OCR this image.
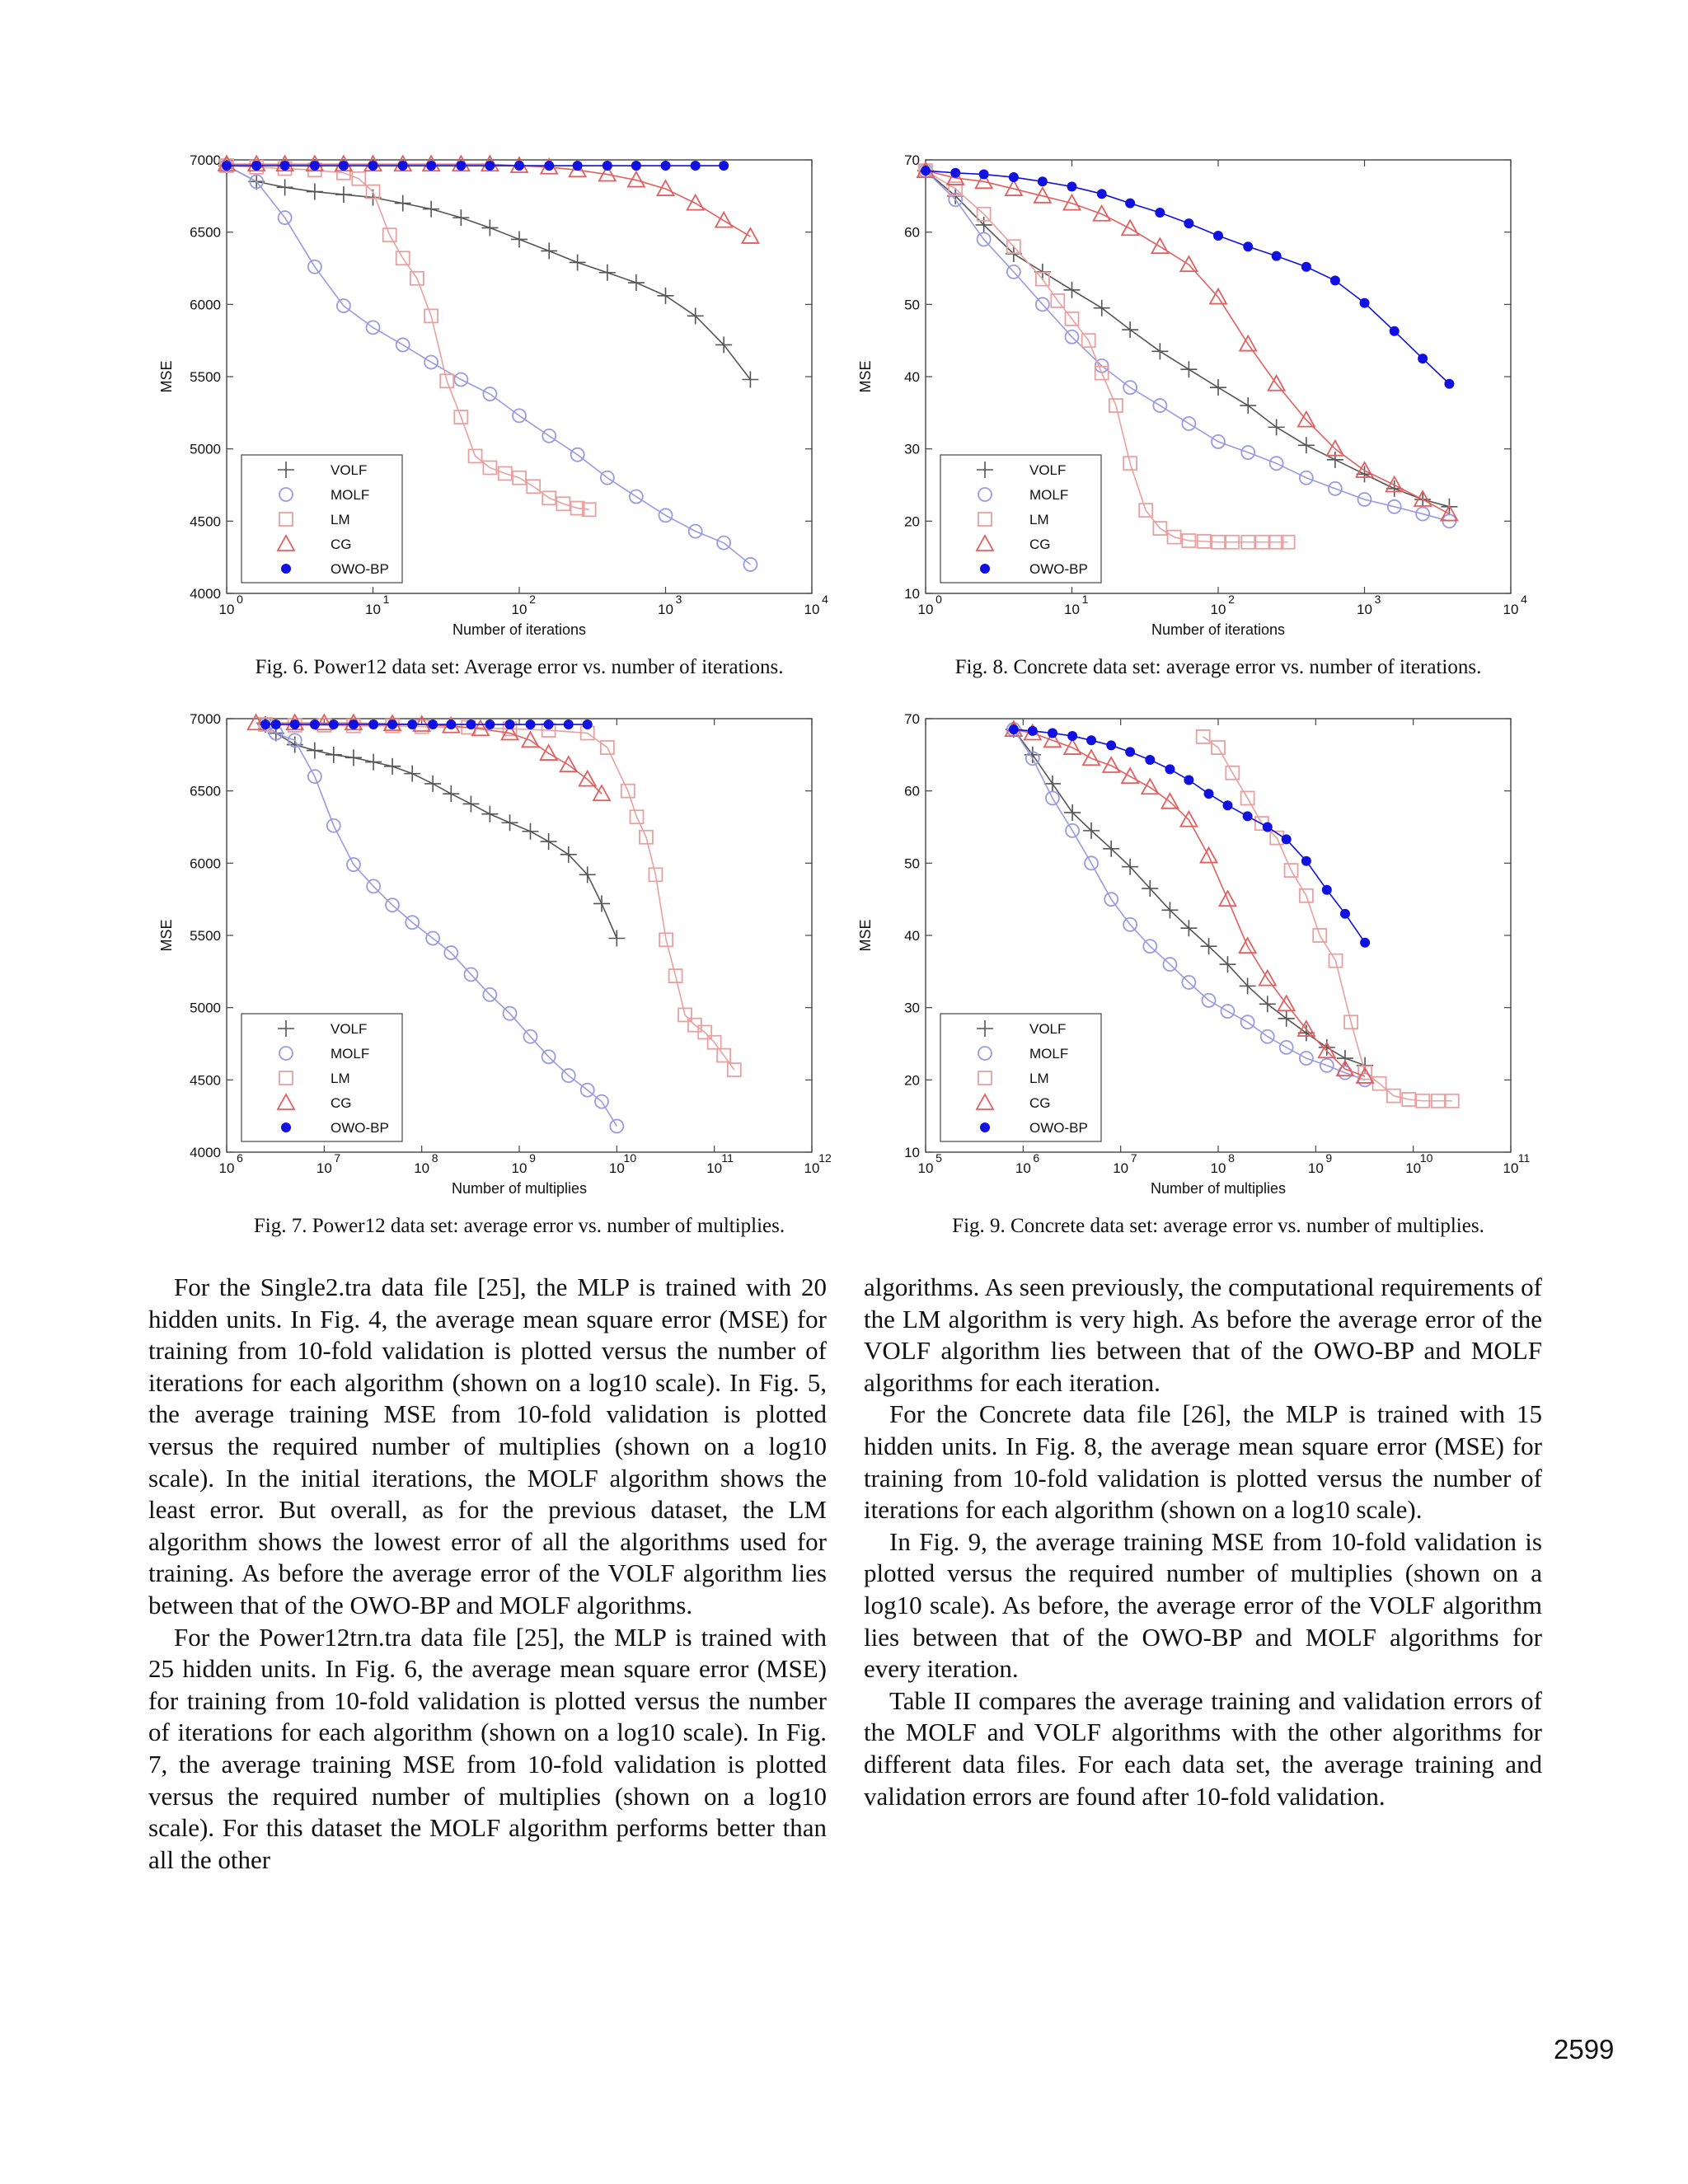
4000
4500
5000
5500
6000
6500
7000
10
0
10
1
10
2
10
3
10
4
Number of iterations
MSE
VOLF
MOLF
LM
CG
OWO-BP
Fig. 6. Power12 data set: Average error vs. number of iterations.
10
20
30
40
50
60
70
10
0
10
1
10
2
10
3
10
4
Number of iterations
MSE
VOLF
MOLF
LM
CG
OWO-BP
Fig. 8. Concrete data set: average error vs. number of iterations.
4000
4500
5000
5500
6000
6500
7000
10
6
10
7
10
8
10
9
10
10
10
11
10
12
Number of multiplies
MSE
VOLF
MOLF
LM
CG
OWO-BP
Fig. 7. Power12 data set: average error vs. number of multiplies.
10
20
30
40
50
60
70
10
5
10
6
10
7
10
8
10
9
10
10
10
11
Number of multiplies
MSE
VOLF
MOLF
LM
CG
OWO-BP
Fig. 9. Concrete data set: average error vs. number of multiplies.

For the Single2.tra data file [25], the MLP is trained with 20 hidden units. In Fig. 4, the average mean square error (MSE) for training from 10-fold validation is plotted versus the number of iterations for each algorithm (shown on a log10 scale). In Fig. 5, the average training MSE from 10-fold validation is plotted versus the required number of multiplies (shown on a log10 scale). In the initial iterations, the MOLF algorithm shows the least error. But overall, as for the previous dataset, the LM algorithm shows the lowest error of all the algorithms used for training. As before the average error of the VOLF algorithm lies between that of the OWO-BP and MOLF algorithms.

For the Power12trn.tra data file [25], the MLP is trained with 25 hidden units. In Fig. 6, the average mean square error (MSE) for training from 10-fold validation is plotted versus the number of iterations for each algorithm (shown on a log10 scale). In Fig. 7, the average training MSE from 10-fold validation is plotted versus the required number of multiplies (shown on a log10 scale). For this dataset the MOLF algorithm performs better than all the other

algorithms. As seen previously, the computational requirements of the LM algorithm is very high. As before the average error of the VOLF algorithm lies between that of the OWO-BP and MOLF algorithms for each iteration.

For the Concrete data file [26], the MLP is trained with 15 hidden units. In Fig. 8, the average mean square error (MSE) for training from 10-fold validation is plotted versus the number of iterations for each algorithm (shown on a log10 scale).

In Fig. 9, the average training MSE from 10-fold validation is plotted versus the required number of multiplies (shown on a log10 scale). As before, the average error of the VOLF algorithm lies between that of the OWO-BP and MOLF algorithms for every iteration.

Table II compares the average training and validation errors of the MOLF and VOLF algorithms with the other algorithms for different data files. For each data set, the average training and validation errors are found after 10-fold validation.

2599
